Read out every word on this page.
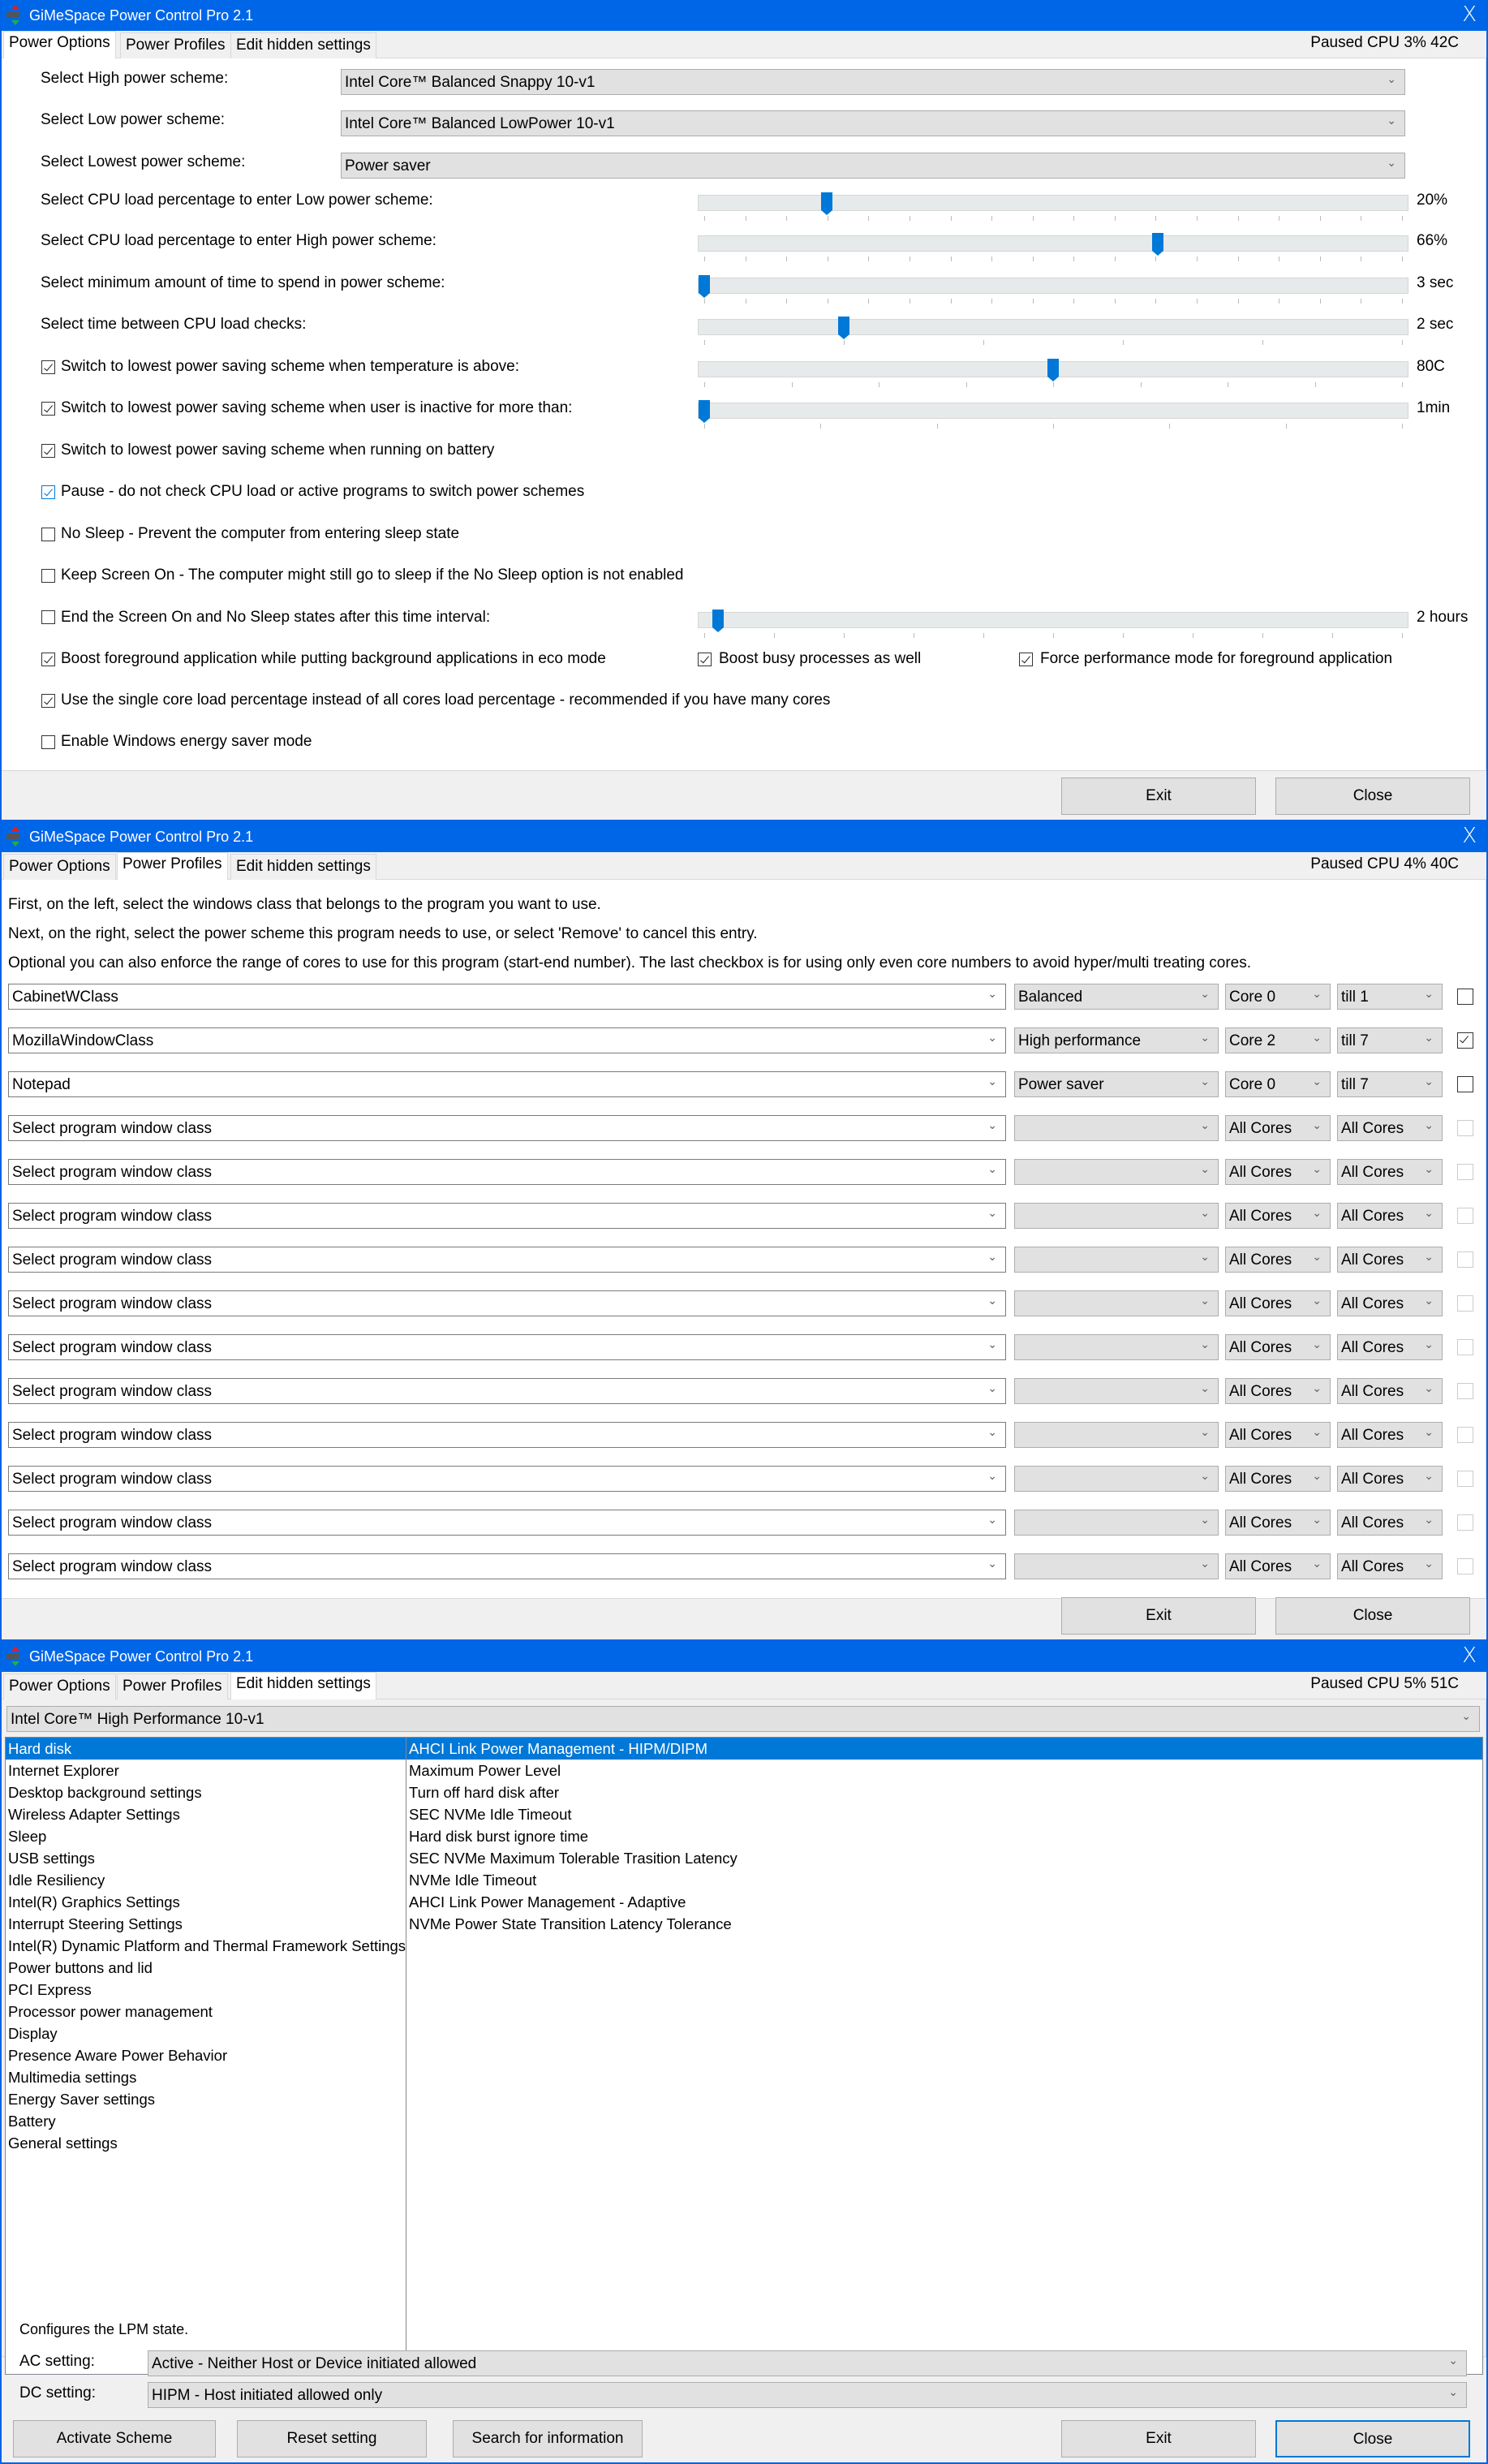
GiMeSpace Power Control Pro 2.1	X
Power Options	Power Profiles Edit hidden settings	Paused CPU 3% 42C
Select High power scheme:	Intel Core™ Balanced Snappy 10-v1	⌄
Select Low power scheme:	Intel Core™ Balanced LowPower 10-v1	⌄
Select Lowest power scheme:	Power saver	⌄
Select CPU load percentage to enter Low power scheme:	20%
Select CPU load percentage to enter High power scheme:	66%
Select minimum amount of time to spend in power scheme:	3 sec
Select time between CPU load checks:	2 sec
Switch to lowest power saving scheme when temperature is above:	80C
Switch to lowest power saving scheme when user is inactive for more than:	1min
Switch to lowest power saving scheme when running on battery
Pause - do not check CPU load or active programs to switch power schemes
No Sleep - Prevent the computer from entering sleep state
Keep Screen On - The computer might still go to sleep if the No Sleep option is not enabled
End the Screen On and No Sleep states after this time interval:	2 hours
Boost foreground application while putting background applications in eco mode	Boost busy processes as well	Force performance mode for foreground application
Use the single core load percentage instead of all cores load percentage - recommended if you have many cores
Enable Windows energy saver mode
Exit	Close
GiMeSpace Power Control Pro 2.1	X
Power Options Power Profiles Edit hidden settings	Paused CPU 4% 40C
First, on the left, select the windows class that belongs to the program you want to use.
Next, on the right, select the power scheme this program needs to use, or select 'Remove' to cancel this entry.
Optional you can also enforce the range of cores to use for this program (start-end number). The last checkbox is for using only even core numbers to avoid hyper/multi treating cores.
CabinetWClass	⌄ Balanced	⌄ Core 0	⌄ till 1	⌄
MozillaWindowClass	⌄ High performance	⌄ Core 2	⌄ till 7	⌄
Notepad	⌄ Power saver	⌄ Core 0	⌄ till 7	⌄
Select program window class	⌄	⌄ All Cores ⌄ All Cores ⌄
Select program window class	⌄	⌄ All Cores ⌄ All Cores ⌄
Select program window class	⌄	⌄ All Cores ⌄ All Cores ⌄
Select program window class	⌄	⌄ All Cores ⌄ All Cores ⌄
Select program window class	⌄	⌄ All Cores ⌄ All Cores ⌄
Select program window class	⌄	⌄ All Cores ⌄ All Cores ⌄
Select program window class	⌄	⌄ All Cores ⌄ All Cores ⌄
Select program window class	⌄	⌄ All Cores ⌄ All Cores ⌄
Select program window class	⌄	⌄ All Cores ⌄ All Cores ⌄
Select program window class	⌄	⌄ All Cores ⌄ All Cores ⌄
Select program window class	⌄	⌄ All Cores ⌄ All Cores ⌄
Exit	Close
GiMeSpace Power Control Pro 2.1	X
Power Options Power Profiles Edit hidden settings	Paused CPU 5% 51C
Intel Core™ High Performance 10-v1	⌄
Hard disk
Internet Explorer
Desktop background settings
Wireless Adapter Settings
Sleep
USB settings
Idle Resiliency
Intel(R) Graphics Settings
Interrupt Steering Settings
Intel(R) Dynamic Platform and Thermal Framework Settings
Power buttons and lid
PCI Express
Processor power management
Display
Presence Aware Power Behavior
Multimedia settings
Energy Saver settings
Battery
General settings
AHCI Link Power Management - HIPM/DIPM
Maximum Power Level
Turn off hard disk after
SEC NVMe Idle Timeout
Hard disk burst ignore time
SEC NVMe Maximum Tolerable Trasition Latency
NVMe Idle Timeout
AHCI Link Power Management - Adaptive
NVMe Power State Transition Latency Tolerance
Configures the LPM state.
AC setting:	Active - Neither Host or Device initiated allowed	⌄
DC setting:	HIPM - Host initiated allowed only	⌄
Activate Scheme	Reset setting	Search for information	Exit	Close
